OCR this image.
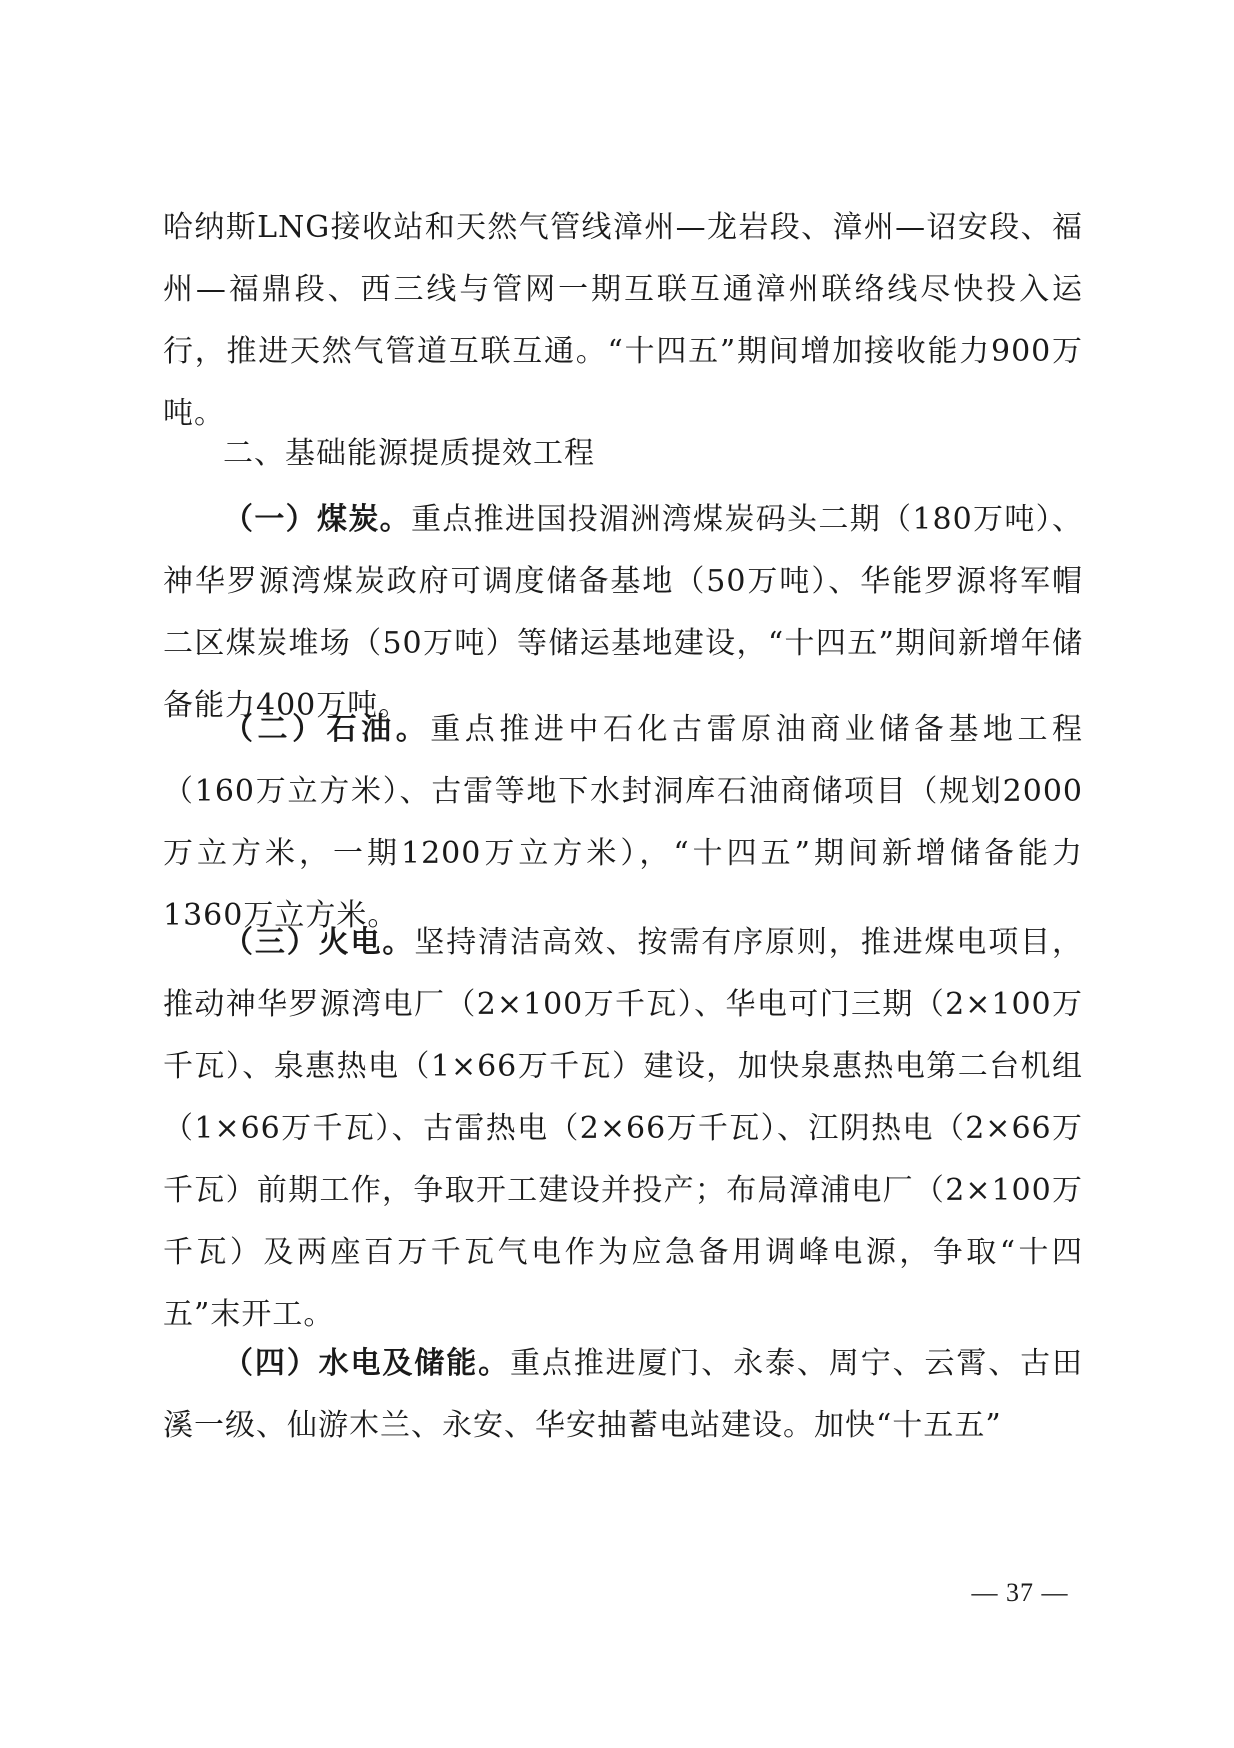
哈纳斯LNG接收站和天然气管线漳州—龙岩段、漳州—诏安段、福州—福鼎段、西三线与管网一期互联互通漳州联络线尽快投入运行，推进天然气管道互联互通。“十四五”期间增加接收能力900万吨。

二、基础能源提质提效工程

（一）煤炭。重点推进国投湄洲湾煤炭码头二期（180万吨）、神华罗源湾煤炭政府可调度储备基地（50万吨）、华能罗源将军帽二区煤炭堆场（50万吨）等储运基地建设，“十四五”期间新增年储备能力400万吨。

（二）石油。重点推进中石化古雷原油商业储备基地工程（160万立方米）、古雷等地下水封洞库石油商储项目（规划2000万立方米，一期1200万立方米），“十四五”期间新增储备能力1360万立方米。

（三）火电。坚持清洁高效、按需有序原则，推进煤电项目，推动神华罗源湾电厂（2×100万千瓦）、华电可门三期（2×100万千瓦）、泉惠热电（1×66万千瓦）建设，加快泉惠热电第二台机组（1×66万千瓦）、古雷热电（2×66万千瓦）、江阴热电（2×66万千瓦）前期工作，争取开工建设并投产；布局漳浦电厂（2×100万千瓦）及两座百万千瓦气电作为应急备用调峰电源，争取“十四五”末开工。

（四）水电及储能。重点推进厦门、永泰、周宁、云霄、古田溪一级、仙游木兰、永安、华安抽蓄电站建设。加快“十五五”

— 37 —
